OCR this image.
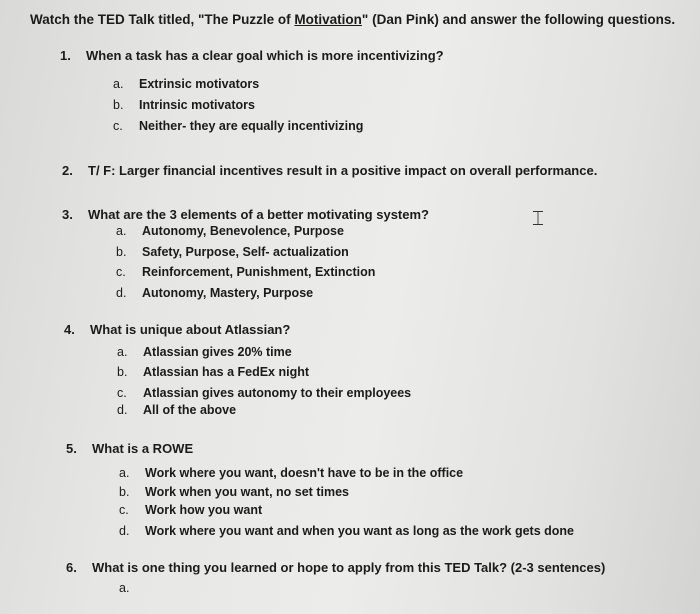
Watch the TED Talk titled, "The Puzzle of Motivation" (Dan Pink) and answer the following questions.
1. When a task has a clear goal which is more incentivizing?
a. Extrinsic motivators
b. Intrinsic motivators
c. Neither- they are equally incentivizing
2. T/ F: Larger financial incentives result in a positive impact on overall performance.
3. What are the 3 elements of a better motivating system?
a. Autonomy, Benevolence, Purpose
b. Safety, Purpose, Self- actualization
c. Reinforcement, Punishment, Extinction
d. Autonomy, Mastery, Purpose
4. What is unique about Atlassian?
a. Atlassian gives 20% time
b. Atlassian has a FedEx night
c. Atlassian gives autonomy to their employees
d. All of the above
5. What is a ROWE
a. Work where you want, doesn't have to be in the office
b. Work when you want, no set times
c. Work how you want
d. Work where you want and when you want as long as the work gets done
6. What is one thing you learned or hope to apply from this TED Talk? (2-3 sentences)
a.
⌶
